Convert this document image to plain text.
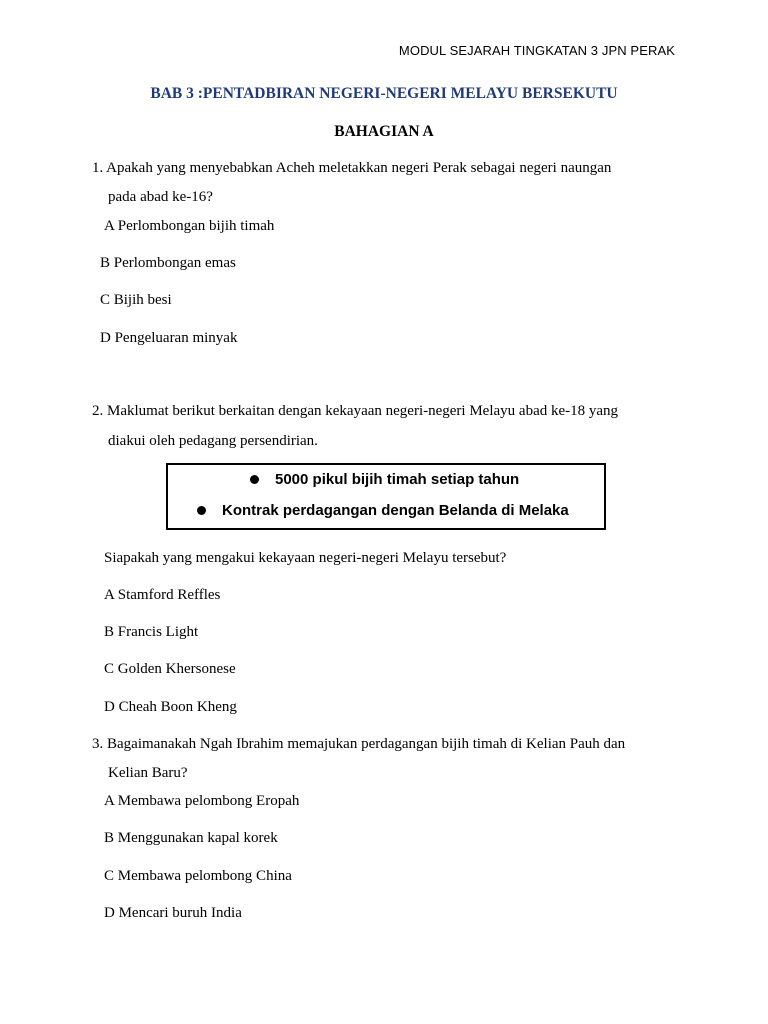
MODUL SEJARAH TINGKATAN 3 JPN PERAK
BAB 3 :PENTADBIRAN NEGERI-NEGERI MELAYU BERSEKUTU
BAHAGIAN A
1. Apakah yang menyebabkan Acheh meletakkan negeri Perak sebagai negeri naungan
pada abad ke-16?
A Perlombongan bijih timah
B Perlombongan emas
C Bijih besi
D Pengeluaran minyak
2. Maklumat berikut berkaitan dengan kekayaan negeri-negeri Melayu abad ke-18 yang
diakui oleh pedagang persendirian.
5000 pikul bijih timah setiap tahun
Kontrak perdagangan dengan Belanda di Melaka
Siapakah yang mengakui kekayaan negeri-negeri Melayu tersebut?
A Stamford Reffles
B Francis Light
C Golden Khersonese
D Cheah Boon Kheng
3. Bagaimanakah Ngah Ibrahim memajukan perdagangan bijih timah di Kelian Pauh dan
Kelian Baru?
A Membawa pelombong Eropah
B Menggunakan kapal korek
C Membawa pelombong China
D Mencari buruh India
